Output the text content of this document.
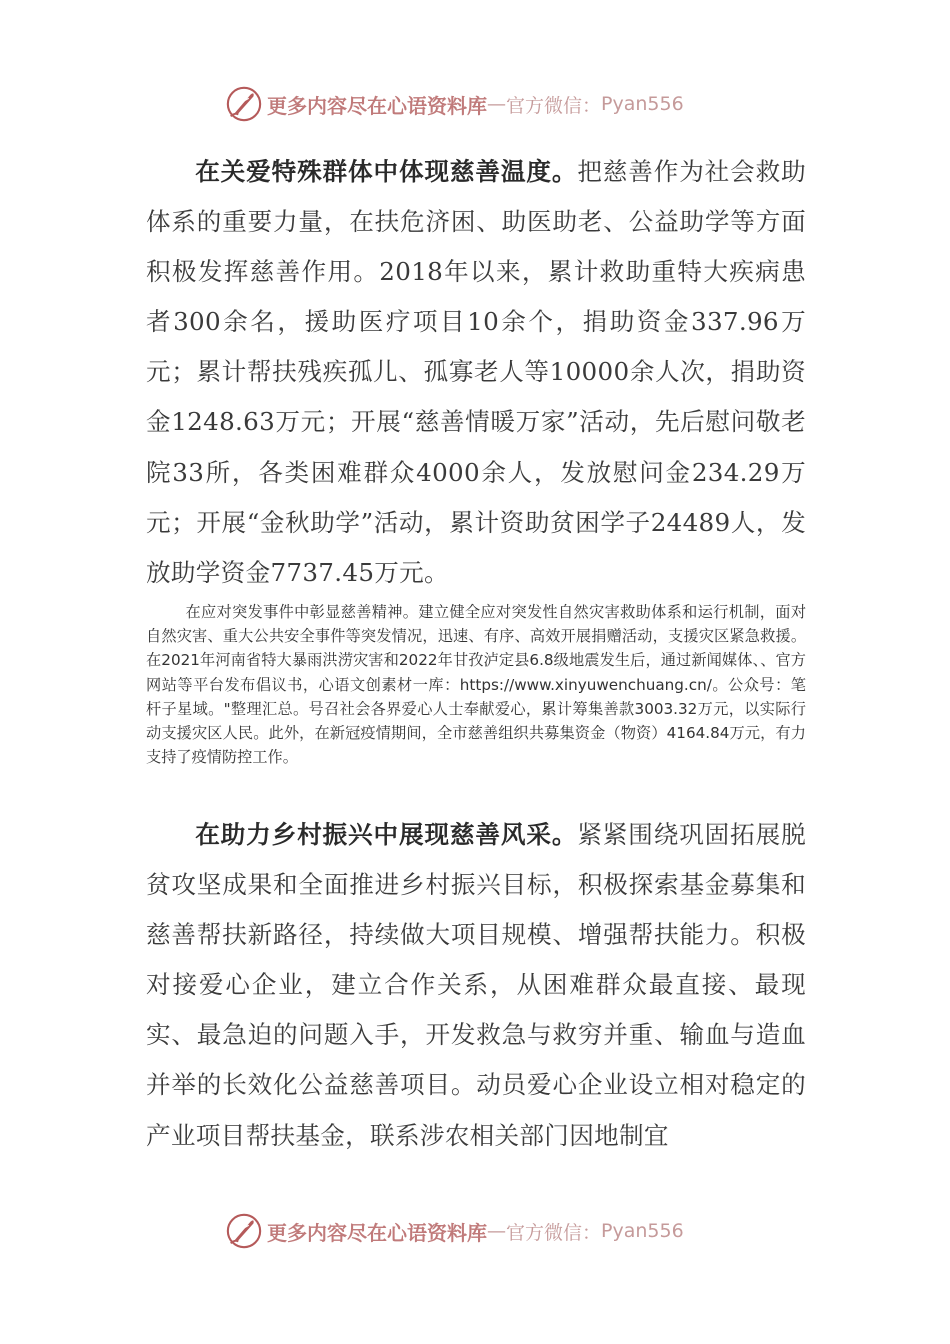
更多内容尽在心语资料库 — 官方微信： Pyan556
在关爱特殊群体中体现慈善温度。把慈善作为社会救助体系的重要力量，在扶危济困、助医助老、公益助学等方面积极发挥慈善作用。2018年以来，累计救助重特大疾病患者300余名，援助医疗项目10余个，捐助资金337.96万元；累计帮扶残疾孤儿、孤寡老人等10000余人次，捐助资金1248.63万元；开展“慈善情暖万家”活动，先后慰问敬老院33所，各类困难群众4000余人，发放慰问金234.29万元；开展“金秋助学”活动，累计资助贫困学子24489人，发放助学资金7737.45万元。
在应对突发事件中彰显慈善精神。建立健全应对突发性自然灾害救助体系和运行机制，面对自然灾害、重大公共安全事件等突发情况，迅速、有序、高效开展捐赠活动，支援灾区紧急救援。在2021年河南省特大暴雨洪涝灾害和2022年甘孜泸定县6.8级地震发生后，通过新闻媒体、、官方网站等平台发布倡议书，心语文创素材一库：https://www.xinyuwenchuang.cn/。公众号：笔杆子星域。"整理汇总。号召社会各界爱心人士奉献爱心，累计筹集善款3003.32万元，以实际行动支援灾区人民。此外，在新冠疫情期间，全市慈善组织共募集资金（物资）4164.84万元，有力支持了疫情防控工作。
在助力乡村振兴中展现慈善风采。紧紧围绕巩固拓展脱贫攻坚成果和全面推进乡村振兴目标，积极探索基金募集和慈善帮扶新路径，持续做大项目规模、增强帮扶能力。积极对接爱心企业，建立合作关系，从困难群众最直接、最现实、最急迫的问题入手，开发救急与救穷并重、输血与造血并举的长效化公益慈善项目。动员爱心企业设立相对稳定的产业项目帮扶基金，联系涉农相关部门因地制宜
更多内容尽在心语资料库 — 官方微信： Pyan556
